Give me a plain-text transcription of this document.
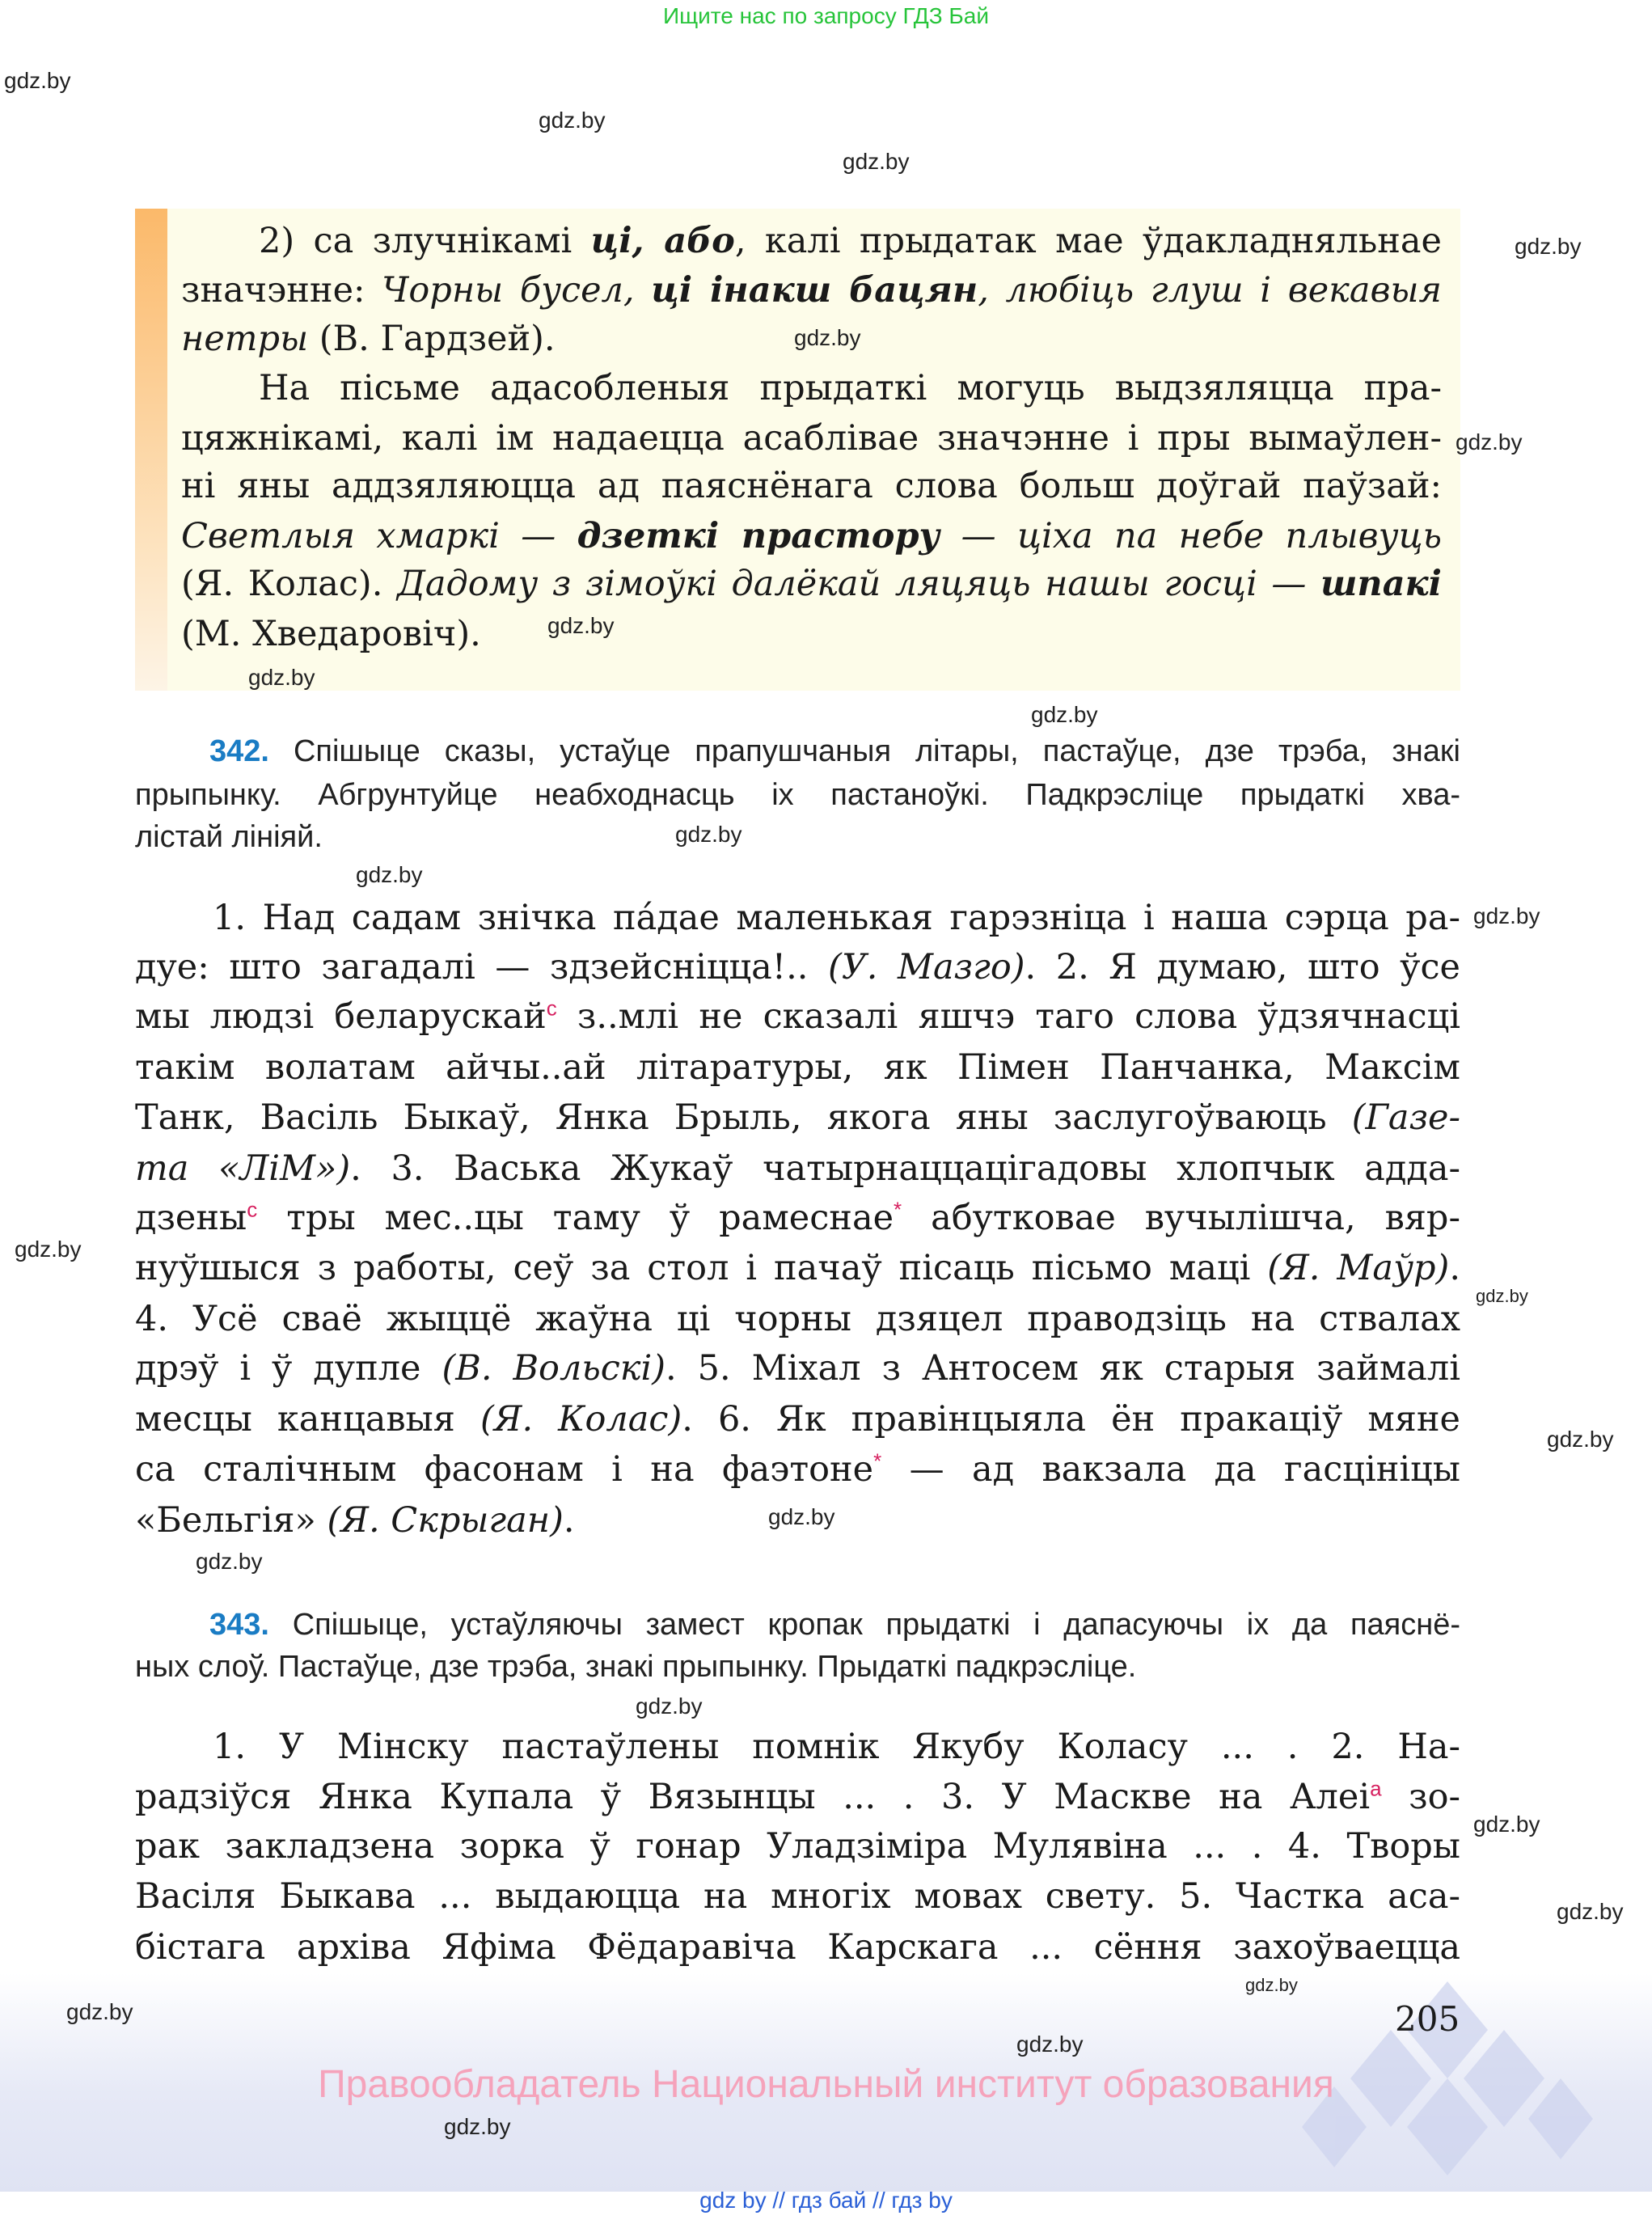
Ищите нас по запросу ГДЗ Бай
2) са злучнікамі ці, або, калі прыдатак мае ўдакладняльнае
значэнне: Чорны бусел, ці інакш бацян, любіць глуш і векавыя
нетры (В. Гардзей).
На пісьме адасобленыя прыдаткі могуць выдзяляцца пра-
цяжнікамі, калі ім надаецца асаблівае значэнне і пры вымаўлен-
ні яны аддзяляюцца ад паяснёнага слова больш доўгай паўзай:
Светлыя хмаркі — дзеткі прастору — ціха па небе плывуць
(Я. Колас). Дадому з зімоўкі далёкай ляцяць нашы госці — шпакі
(М. Хведаровіч).
342. Спішыце сказы, устаўце прапушчаныя літары, пастаўце, дзе трэба, знакі
прыпынку. Абгрунтуйце неабходнасць іх пастаноўкі. Падкрэсліце прыдаткі хва-
лістай лініяй.
1. Над садам знічка па́дае маленькая гарэзніца і наша сэрца ра-
дуе: што загадалі — здзейсніцца!.. (У. Мазго). 2. Я думаю, што ўсе
мы людзі беларускай$^с$ з..млі не сказалі яшчэ таго слова ўдзячнасці
такім волатам айчы..ай літаратуры, як Пімен Панчанка, Максім
Танк, Васіль Быкаў, Янка Брыль, якога яны заслугоўваюць (Газе-
та «ЛіМ»). 3. Васька Жукаў чатырнаццацігадовы хлопчык адда-
дзены$^с$ тры мес..цы таму ў рамеснае* абутковае вучылішча, вяр-
нуўшыся з работы, сеў за стол і пачаў пісаць пісьмо маці (Я. Маўр).
4. Усё сваё жыццё жаўна ці чорны дзяцел праводзіць на ствалах
дрэў і ў дупле (В. Вольскі). 5. Міхал з Антосем як старыя займалі
месцы канцавыя (Я. Колас). 6. Як правінцыяла ён пракаціў мяне
са сталічным фасонам і на фаэтоне* — ад вакзала да гасцініцы
«Бельгія» (Я. Скрыган).
343. Спішыце, устаўляючы замест кропак прыдаткі і дапасуючы іх да паяснё-
ных слоў. Пастаўце, дзе трэба, знакі прыпынку. Прыдаткі падкрэсліце.
1. У Мінску пастаўлены помнік Якубу Коласу ... . 2. На-
радзіўся Янка Купала ў Вязынцы ... . 3. У Маскве на Алеі$^а$ зо-
рак закладзена зорка ў гонар Уладзіміра Мулявіна ... . 4. Творы
Васіля Быкава ... выдаюцца на многіх мовах свету. 5. Частка аса-
бістага архіва Яфіма Фёдаравіча Карскага ... сёння захоўваецца
205
Правообладатель Национальный институт образования
gdz by // гдз бай // гдз by
gdz.by
gdz.by
gdz.by
gdz.by
gdz.by
gdz.by
gdz.by
gdz.by
gdz.by
gdz.by
gdz.by
gdz.by
gdz.by
gdz.by
gdz.by
gdz.by
gdz.by
gdz.by
gdz.by
gdz.by
gdz.by
gdz.by
gdz.by
gdz.by
